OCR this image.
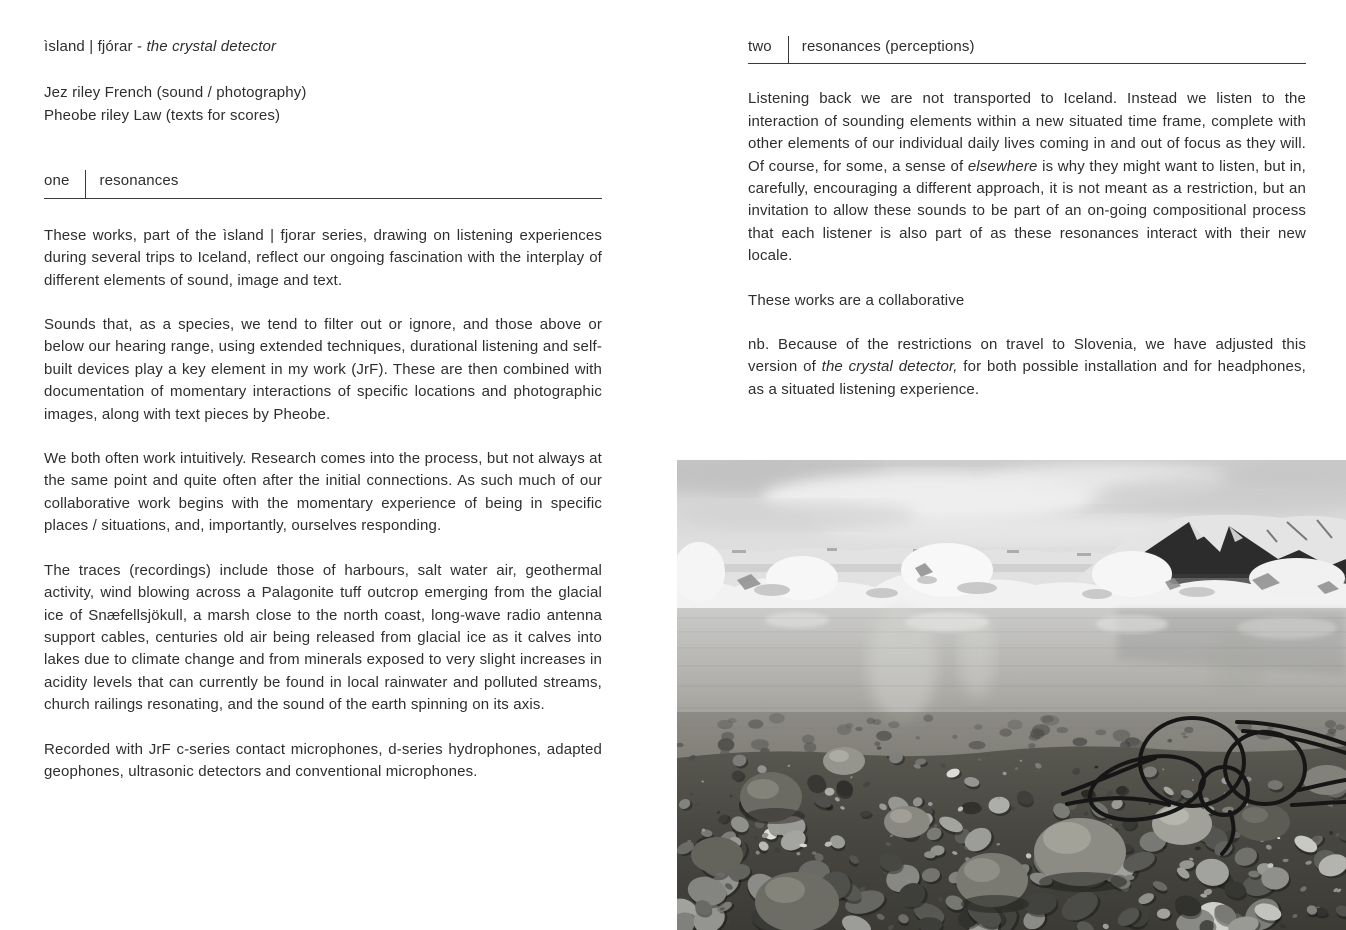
ìsland | fjórar - the crystal detector

Jez riley French (sound / photography)
Pheobe riley Law (texts for scores)
one resonances

These works, part of the ìsland | fjorar series, drawing on listening experiences during several trips to Iceland, reflect our ongoing fascination with the interplay of different elements of sound, image and text.

Sounds that, as a species, we tend to filter out or ignore, and those above or below our hearing range, using extended techniques, durational listening and self-built devices play a key element in my work (JrF). These are then combined with documentation of momentary interactions of specific locations and photographic images, along with text pieces by Pheobe.

We both often work intuitively. Research comes into the process, but not always at the same point and quite often after the initial connections. As such much of our collaborative work begins with the momentary experience of being in specific places / situations, and, importantly, ourselves responding.

The traces (recordings) include those of harbours, salt water air, geothermal activity, wind blowing across a Palagonite tuff outcrop emerging from the glacial ice of Snæfellsjökull, a marsh close to the north coast, long-wave radio antenna support cables, centuries old air being released from glacial ice as it calves into lakes due to climate change and from minerals exposed to very slight increases in acidity levels that can currently be found in local rainwater and polluted streams, church railings resonating, and the sound of the earth spinning on its axis.

Recorded with JrF c-series contact microphones, d-series hydrophones, adapted geophones, ultrasonic detectors and conventional microphones.

two resonances (perceptions)

Listening back we are not transported to Iceland. Instead we listen to the interaction of sounding elements within a new situated time frame, complete with other elements of our individual daily lives coming in and out of focus as they will. Of course, for some, a sense of elsewhere is why they might want to listen, but in, carefully, encouraging a different approach, it is not meant as a restriction, but an invitation to allow these sounds to be part of an on-going compositional process that each listener is also part of as these resonances interact with their new locale.

These works are a collaborative

nb. Because of the restrictions on travel to Slovenia, we have adjusted this version of the crystal detector, for both possible installation and for headphones, as a situated listening experience.
